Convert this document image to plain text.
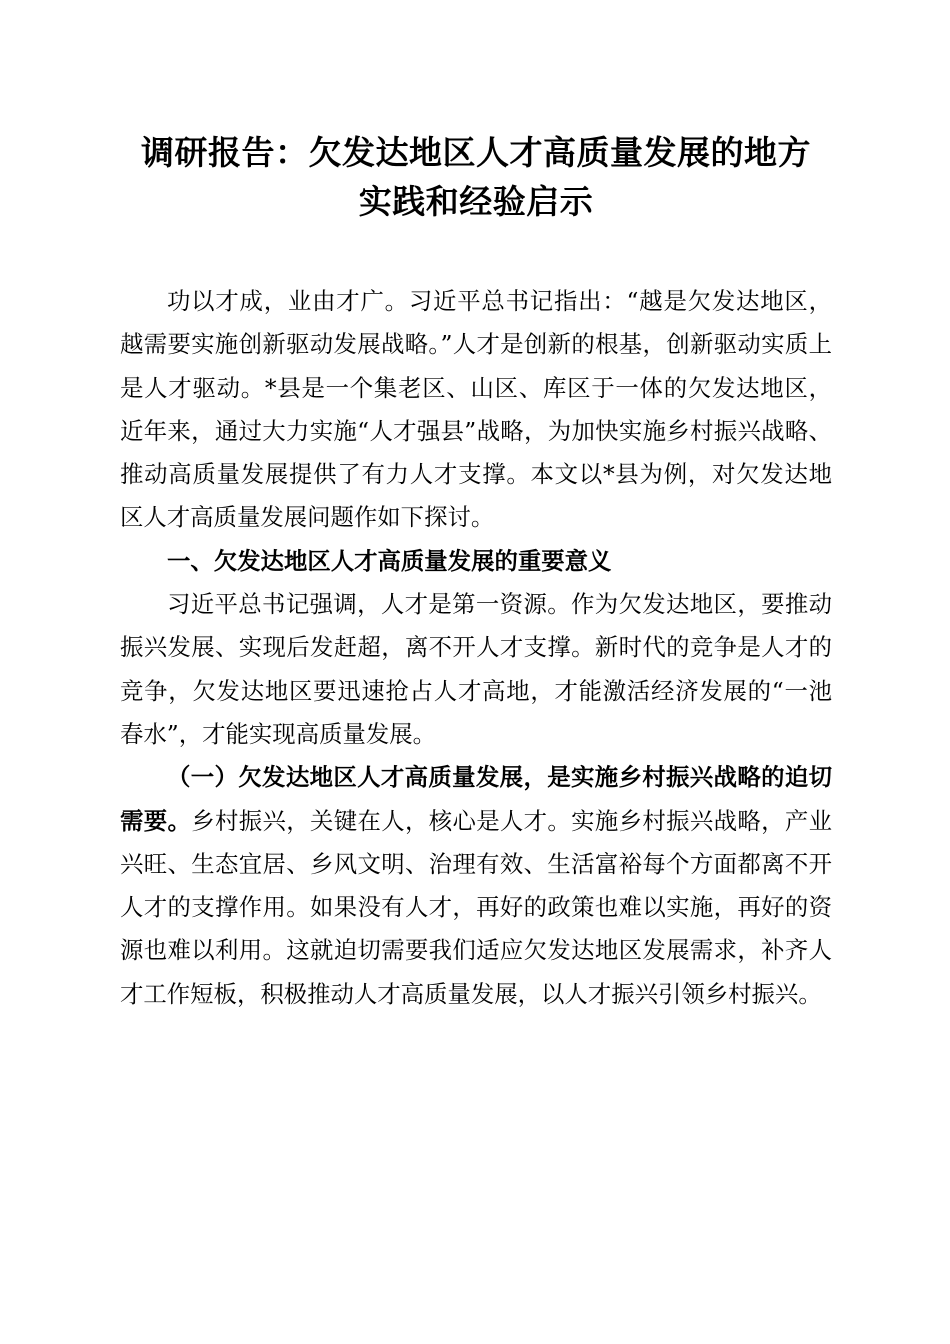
调研报告：欠发达地区人才高质量发展的地方
实践和经验启示

功以才成，业由才广。习近平总书记指出：“越是欠发达地区，越需要实施创新驱动发展战略。”人才是创新的根基，创新驱动实质上是人才驱动。*县是一个集老区、山区、库区于一体的欠发达地区，近年来，通过大力实施“人才强县”战略，为加快实施乡村振兴战略、推动高质量发展提供了有力人才支撑。本文以*县为例，对欠发达地区人才高质量发展问题作如下探讨。

一、欠发达地区人才高质量发展的重要意义

习近平总书记强调，人才是第一资源。作为欠发达地区，要推动振兴发展、实现后发赶超，离不开人才支撑。新时代的竞争是人才的竞争，欠发达地区要迅速抢占人才高地，才能激活经济发展的“一池春水”，才能实现高质量发展。

（一）欠发达地区人才高质量发展，是实施乡村振兴战略的迫切需要。乡村振兴，关键在人，核心是人才。实施乡村振兴战略，产业兴旺、生态宜居、乡风文明、治理有效、生活富裕每个方面都离不开人才的支撑作用。如果没有人才，再好的政策也难以实施，再好的资源也难以利用。这就迫切需要我们适应欠发达地区发展需求，补齐人才工作短板，积极推动人才高质量发展，以人才振兴引领乡村振兴。
